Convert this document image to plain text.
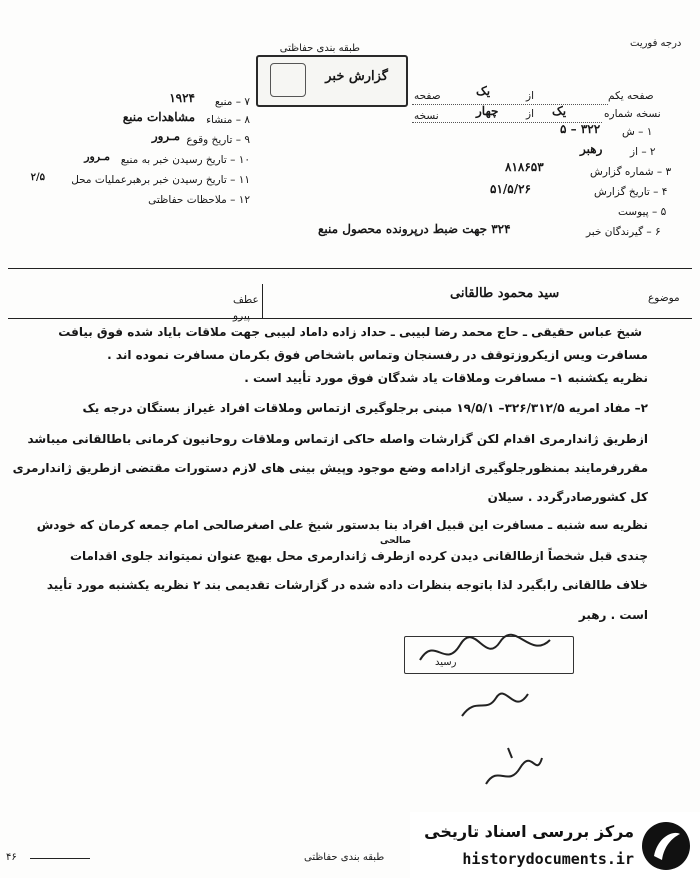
درجه فوریت
طبقه بندی حفاظتی
گزارش خبر
صفحه یکم
از
یک
صفحه
نسخه شماره
یک
از
چهار
نسخه
۷ – منبع
۱۹۲۴
۸ – منشاء
مشاهدات منبع
۹ – تاریخ وقوع
مـرور
۱۰ – تاریخ رسیدن خبر به منبع
مـرور
۱۱ – تاریخ رسیدن خبر برهبرعملیات محل
۲/۵
۱۲ – ملاحظات حفاظتی
۱ – ش
۳۲۲ – ۵
۲ – از
رهبر
۳ – شماره گزارش
۸۱۸۶۵۳
۴ – تاریخ گزارش
۵۱/۵/۲۶
۵ – پیوست
۶ – گیرندگان خبر
۳۲۴ جهت ضبط درپرونده محصول منبع
موضوع
سید محمود طالقانی
عطف
پیرو
شیخ عباس حقیقی ـ حاج محمد رضا لبیبی ـ حداد زاده داماد لبیبی جهت ملاقات بایاد شده فوق بیافت
مسافرت ویس ازیکروزتوقف در رفسنجان وتماس باشخاص فوق بکرمان مسافرت نموده اند .
نظریه یکشنبه ۱– مسافرت وملاقات یاد شدگان فوق مورد تأیید است .
۲– مفاد امریه ۳۲۶/۳۱۲/۵– ۱۹/۵/۱ مبنی برجلوگیری ازتماس وملاقات افراد غیراز بستگان درجه یک
ازطریق ژاندارمری اقدام لکن گزارشات واصله حاکی ازتماس وملاقات روحانیون کرمانی باطالقانی میباشد
مقررفرمایند بمنظورجلوگیری ازادامه وضع موجود وپیش بینی های لازم دستورات مقتضی ازطریق ژاندارمری
کل کشورصادرگردد . سیلان
نظریه سه شنبه ـ مسافرت این قبیل افراد بنا بدستور شیخ علی اصغرصالحی امام جمعه کرمان که خودش
صالحی
چندی قبل شخصاً ازطالقانی دیدن کرده ازطرف ژاندارمری محل بهیچ عنوان نمیتواند جلوی اقدامات
خلاف طالقانی رابگیرد لذا باتوجه بنظرات داده شده در گزارشات تقدیمی بند ۲ نظریه یکشنبه مورد تأیید
است . رهبر
رسید
طبقه بندی حفاظتی
۴۶
مرکز بررسی اسناد تاریخی
historydocuments.ir
